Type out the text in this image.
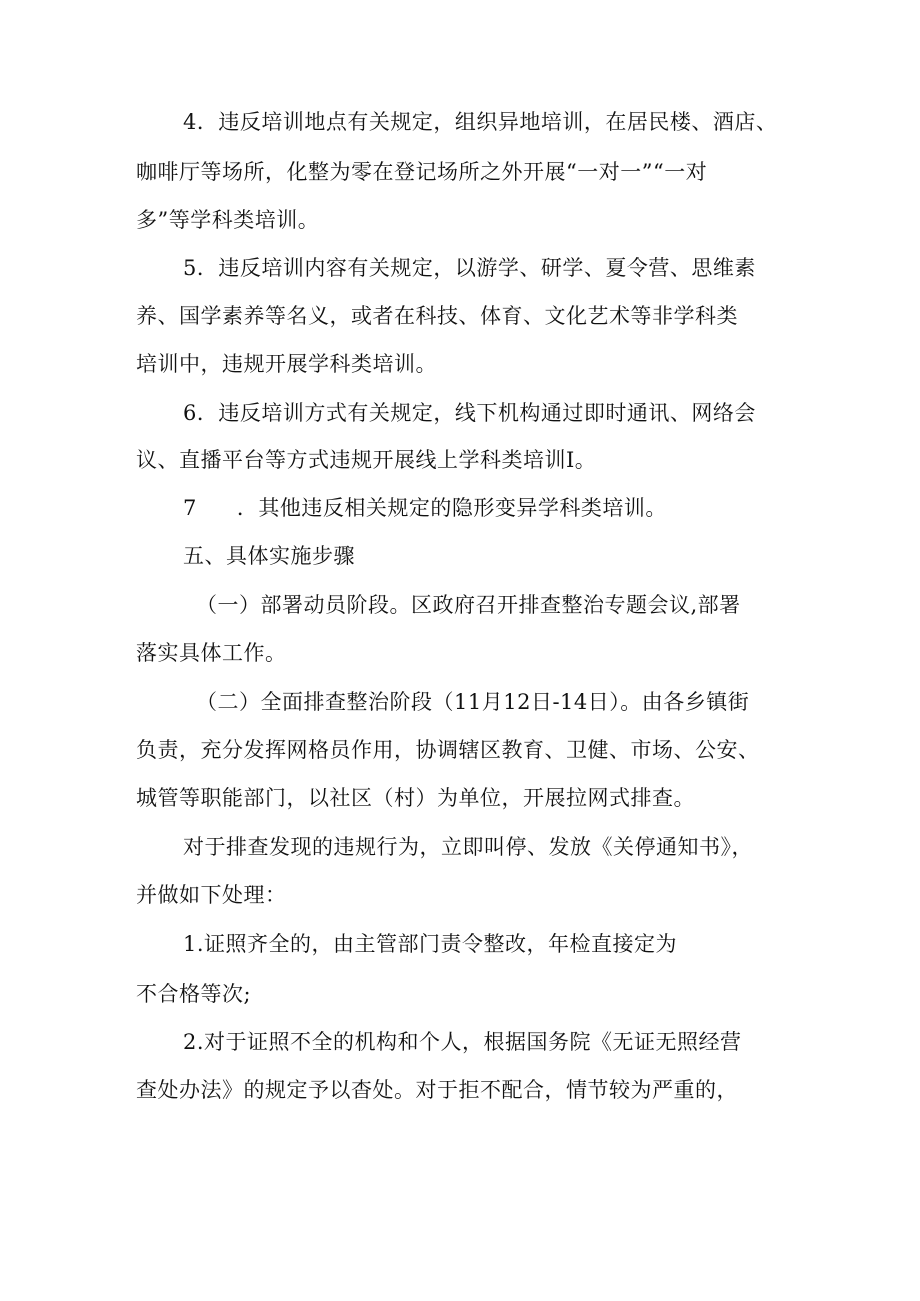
4．违反培训地点有关规定，组织异地培训，在居民楼、酒店、
咖啡厅等场所，化整为零在登记场所之外开展“一对一”“一对
多”等学科类培训。
5．违反培训内容有关规定，以游学、研学、夏令营、思维素
养、国学素养等名义，或者在科技、体育、文化艺术等非学科类
培训中，违规开展学科类培训。
6．违反培训方式有关规定，线下机构通过即时通讯、网络会
议、直播平台等方式违规开展线上学科类培训I。
7 ．其他违反相关规定的隐形变异学科类培训。
五、具体实施步骤
（一）部署动员阶段。区政府召开排查整治专题会议,部署
落实具体工作。
（二）全面排查整治阶段（11月12日-14日）。由各乡镇街
负责，充分发挥网格员作用，协调辖区教育、卫健、市场、公安、
城管等职能部门，以社区（村）为单位，开展拉网式排查。
对于排查发现的违规行为，立即叫停、发放《关停通知书》，
并做如下处理：
1.证照齐全的，由主管部门责令整改，年检直接定为
不合格等次;
2.对于证照不全的机构和个人，根据国务院《无证无照经营
查处办法》的规定予以杳处。对于拒不配合，情节较为严重的，
